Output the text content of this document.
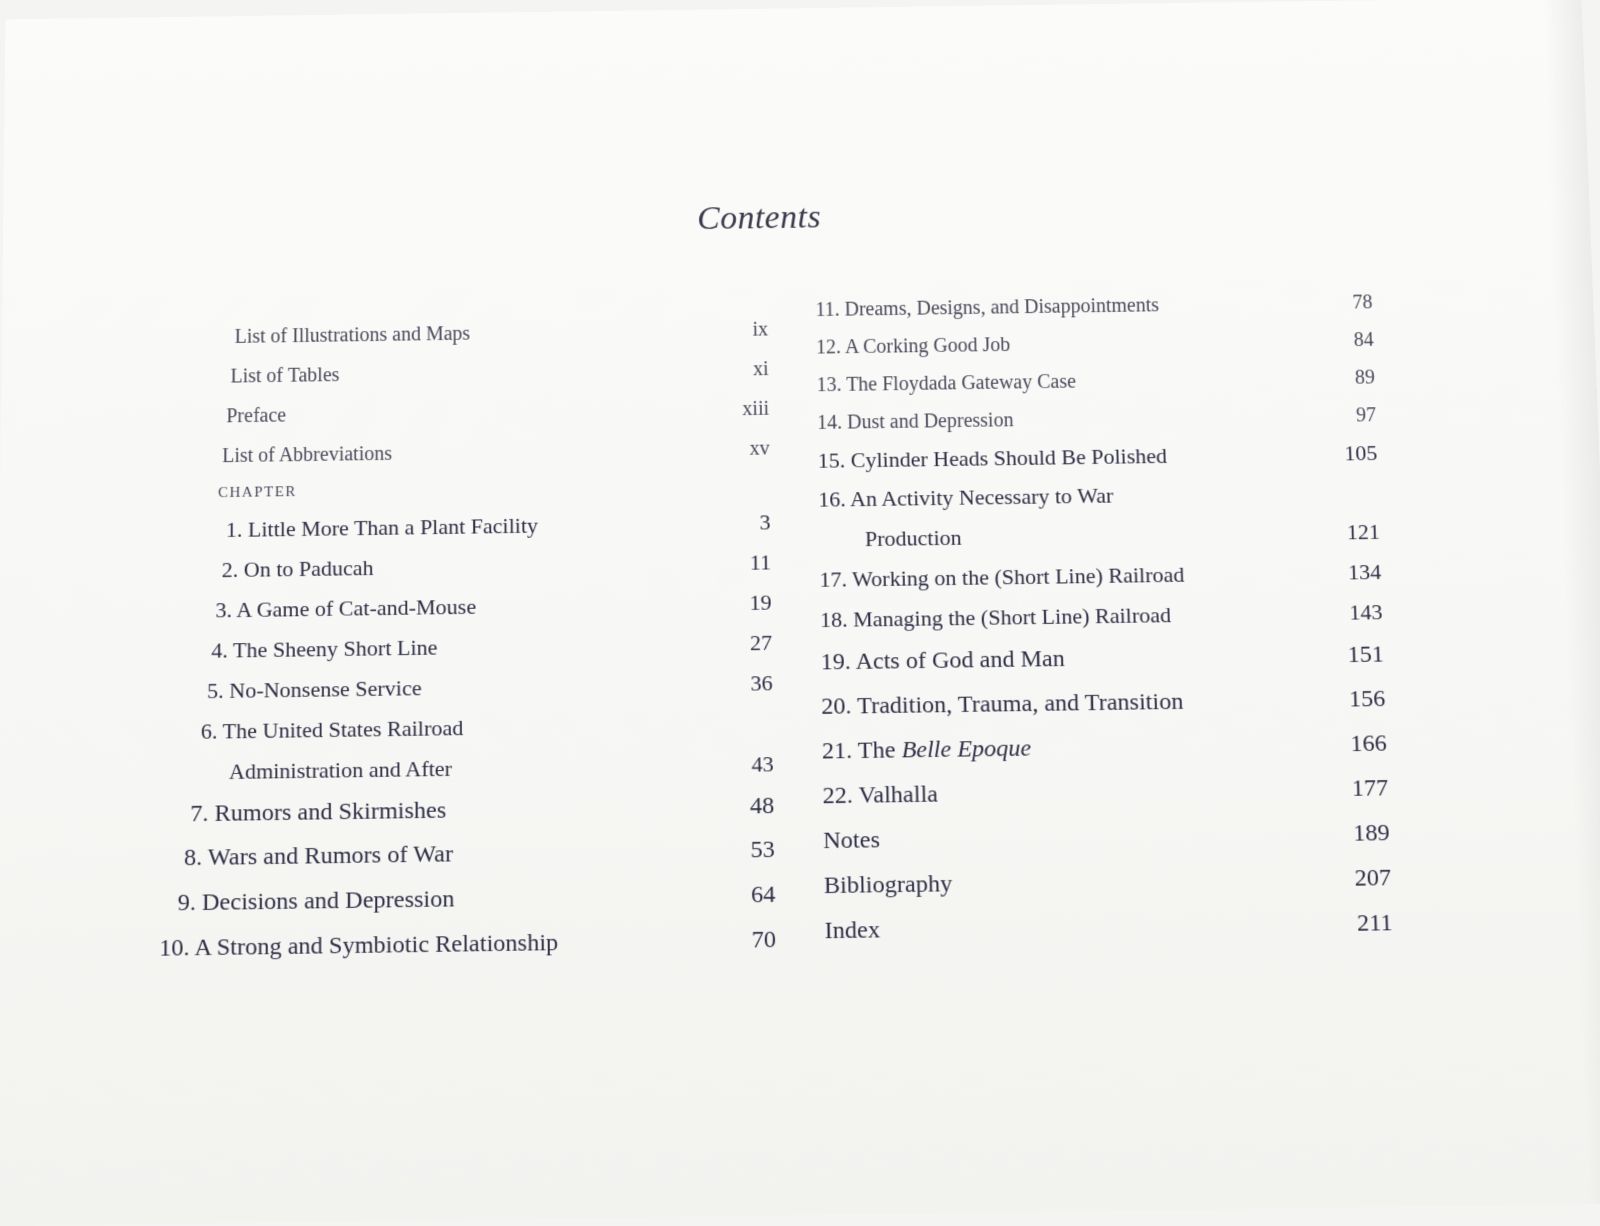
Contents
List of Illustrations and Maps	ix
List of Tables	xi
Preface	xiii
List of Abbreviations	xv
CHAPTER
1. Little More Than a Plant Facility	3
2. On to Paducah	11
3. A Game of Cat-and-Mouse	19
4. The Sheeny Short Line	27
5. No-Nonsense Service	36
6. The United States Railroad
Administration and After	43
7. Rumors and Skirmishes	48
8. Wars and Rumors of War	53
9. Decisions and Depression	64
10. A Strong and Symbiotic Relationship	70
11. Dreams, Designs, and Disappointments	78
12. A Corking Good Job	84
13. The Floydada Gateway Case	89
14. Dust and Depression	97
15. Cylinder Heads Should Be Polished	105
16. An Activity Necessary to War
Production	121
17. Working on the (Short Line) Railroad	134
18. Managing the (Short Line) Railroad	143
19. Acts of God and Man	151
20. Tradition, Trauma, and Transition	156
21. The Belle Epoque	166
22. Valhalla	177
Notes	189
Bibliography	207
Index	211
